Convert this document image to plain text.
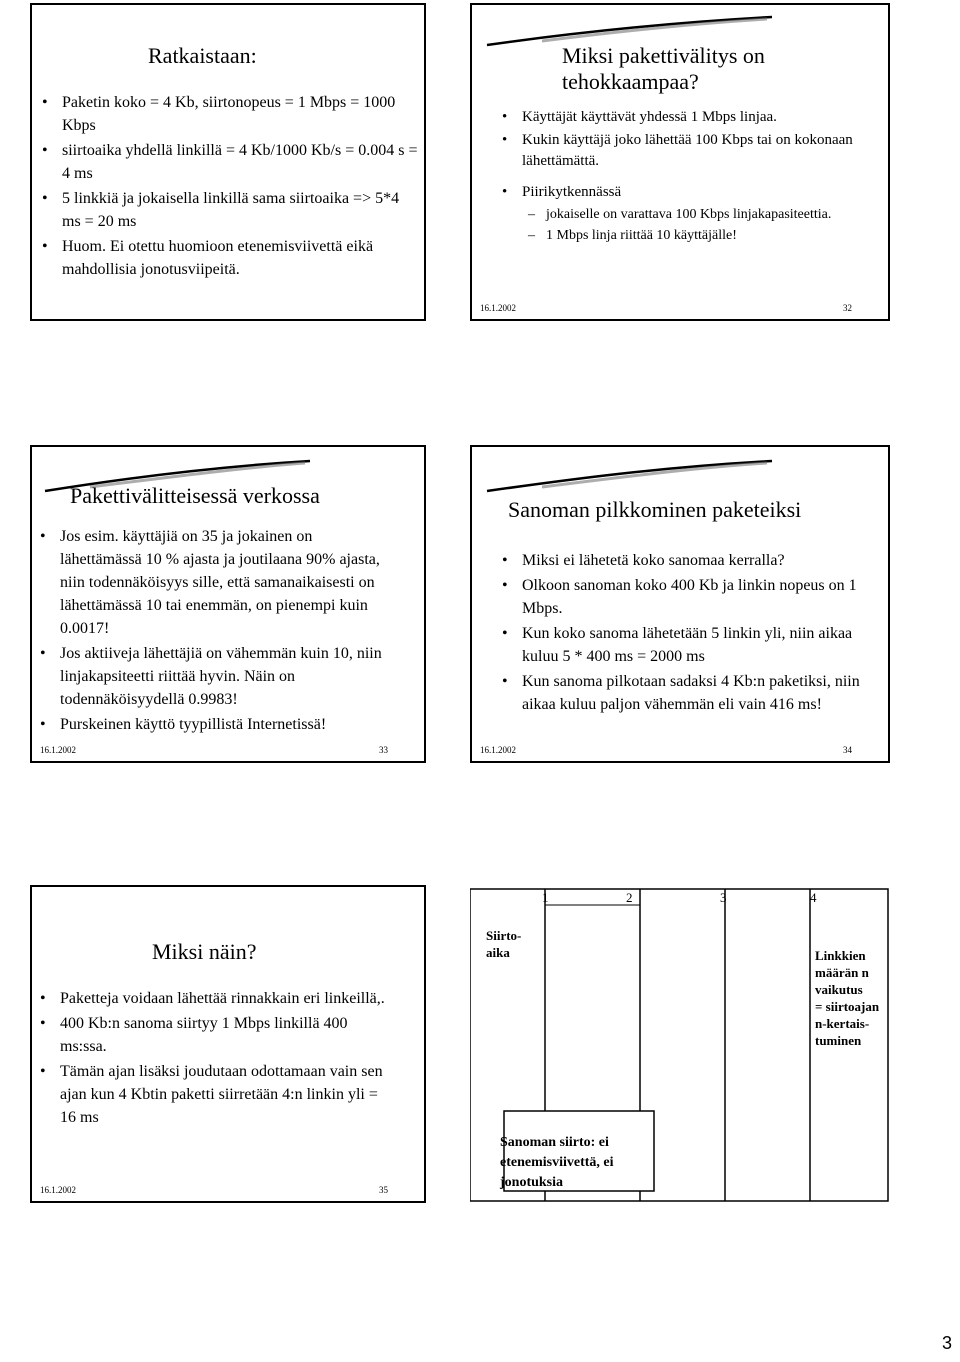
Ratkaistaan:
• Paketin koko = 4 Kb, siirtonopeus = 1 Mbps = 1000 Kbps
• siirtoaika yhdellä linkillä = 4 Kb/1000 Kb/s = 0.004 s = 4 ms
• 5 linkkiä ja jokaisella linkillä sama siirtoaika => 5*4 ms = 20 ms
• Huom. Ei otettu huomioon etenemisviivettä eikä mahdollisia jonotusviipeitä.
Miksi pakettivälitys on tehokkaampaa?
• Käyttäjät käyttävät yhdessä 1 Mbps linjaa.
• Kukin käyttäjä joko lähettää 100 Kbps tai on kokonaan lähettämättä.
• Piirikytkennässä
– jokaiselle on varattava 100 Kbps linjakapasiteettia.
– 1 Mbps linja riittää 10 käyttäjälle!
16.1.2002	32
Pakettivälitteisessä verkossa
• Jos esim. käyttäjiä on 35 ja jokainen on lähettämässä 10 % ajasta ja joutilaana 90% ajasta, niin todennäköisyys sille, että samanaikaisesti on lähettämässä 10 tai enemmän, on pienempi kuin 0.0017!
• Jos aktiiveja lähettäjiä on vähemmän kuin 10, niin linjakapsiteetti riittää hyvin. Näin on todennäköisyydellä 0.9983!
• Purskeinen käyttö tyypillistä Internetissä!
16.1.2002	33
Sanoman pilkkominen paketeiksi
• Miksi ei lähetetä koko sanomaa kerralla?
• Olkoon sanoman koko 400 Kb ja linkin nopeus on 1 Mbps.
• Kun koko sanoma lähetetään 5 linkin yli, niin aikaa kuluu 5 * 400 ms = 2000 ms
• Kun sanoma pilkotaan sadaksi 4 Kb:n paketiksi, niin aikaa kuluu paljon vähemmän eli vain 416 ms!
16.1.2002	34
Miksi näin?
• Paketteja voidaan lähettää rinnakkain eri linkeillä,.
• 400 Kb:n sanoma siirtyy 1 Mbps linkillä 400 ms:ssa.
• Tämän ajan lisäksi joudutaan odottamaan vain sen ajan kun 4 Kbtin paketti siirretään 4:n linkin yli = 16 ms
16.1.2002	35
1	2	3	4
Siirto-
aika	Linkkien
määrän n
vaikutus
= siirtoajan
n-kertais-
tuminen
Sanoman siirto: ei
etenemisviivettä, ei
jonotuksia
3
